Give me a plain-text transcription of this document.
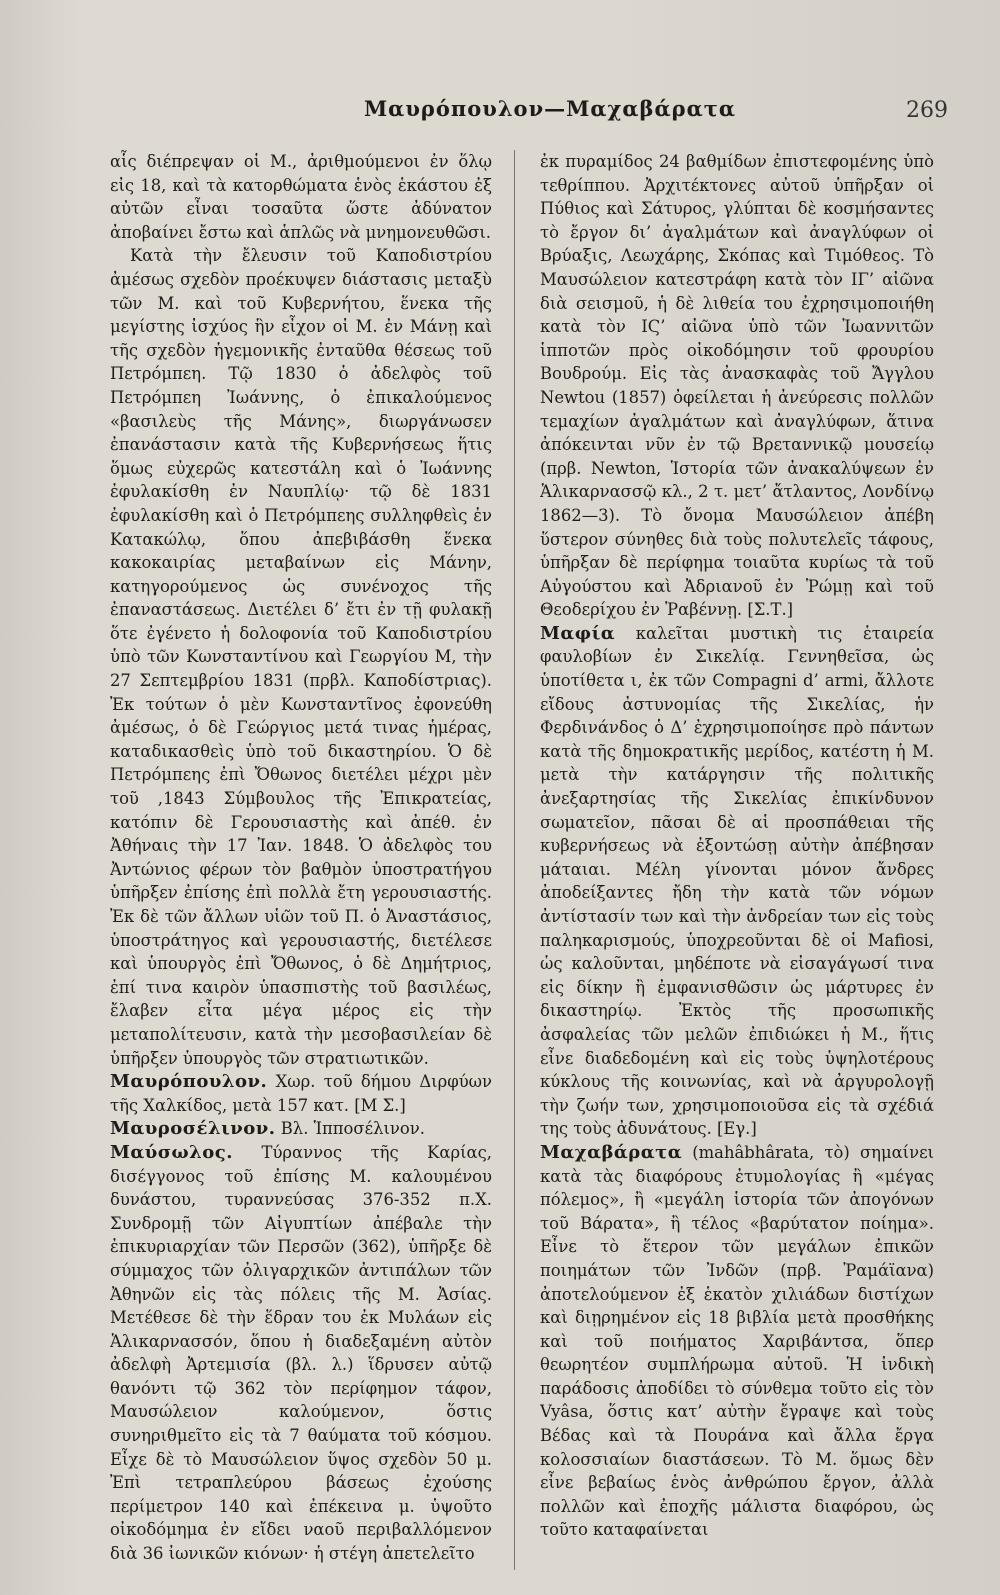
Μαυρόπουλον—Μαχαβάρατα	269

αἷς διέπρεψαν οἱ Μ., ἀριθμούμενοι ἐν ὅλῳ εἰς 18, καὶ τὰ κατορθώματα ἑνὸς ἑκάστου ἐξ αὐτῶν εἶναι τοσαῦτα ὥστε ἀδύνατον ἀποβαίνει ἔστω καὶ ἁπλῶς νὰ μνημονευθῶσι.

Κατὰ τὴν ἔλευσιν τοῦ Καποδιστρίου ἀμέσως σχεδὸν προέκυψεν διάστασις μεταξὺ τῶν Μ. καὶ τοῦ Κυβερνήτου, ἕνεκα τῆς μεγίστης ἰσχύος ἣν εἶχον οἱ Μ. ἐν Μάνῃ καὶ τῆς σχεδὸν ἡγεμονικῆς ἐνταῦθα θέσεως τοῦ Πετρόμπεη. Τῷ 1830 ὁ ἀδελφὸς τοῦ Πετρόμπεη Ἰωάννης, ὁ ἐπικαλούμενος «βασιλεὺς τῆς Μάνης», διωργάνωσεν ἐπανάστασιν κατὰ τῆς Κυβερνήσεως ἥτις ὅμως εὐχερῶς κατεστάλη καὶ ὁ Ἰωάννης ἐφυλακίσθη ἐν Ναυπλίῳ· τῷ δὲ 1831 ἐφυλακίσθη καὶ ὁ Πετρόμπεης συλληφθεὶς ἐν Κατακώλῳ, ὅπου ἀπεβιβάσθη ἕνεκα κακοκαιρίας μεταβαίνων εἰς Μάνην, κατηγορούμενος ὡς συνένοχος τῆς ἐπαναστάσεως. Διετέλει δ’ ἔτι ἐν τῇ φυλακῇ ὅτε ἐγένετο ἡ δολοφονία τοῦ Καποδιστρίου ὑπὸ τῶν Κωνσταντίνου καὶ Γεωργίου Μ, τὴν 27 Σεπτεμβρίου 1831 (πρβλ. Καποδίστριας). Ἐκ τούτων ὁ μὲν Κωνσταντῖνος ἐφονεύθη ἀμέσως, ὁ δὲ Γεώργιος μετά τινας ἡμέρας, καταδικασθεὶς ὑπὸ τοῦ δικαστηρίου. Ὁ δὲ Πετρόμπεης ἐπὶ Ὄθωνος διετέλει μέχρι μὲν τοῦ ,1843 Σύμβουλος τῆς Ἐπικρατείας, κατόπιν δὲ Γερουσιαστὴς καὶ ἀπέθ. ἐν Ἀθήναις τὴν 17 Ἰαν. 1848. Ὁ ἀδελφὸς του Ἀντώνιος φέρων τὸν βαθμὸν ὑποστρατήγου ὑπῆρξεν ἐπίσης ἐπὶ πολλὰ ἔτη γερουσιαστής. Ἐκ δὲ τῶν ἄλλων υἱῶν τοῦ Π. ὁ Ἀναστάσιος, ὑποστράτηγος καὶ γερουσιαστής, διετέλεσε καὶ ὑπουργὸς ἐπὶ Ὄθωνος, ὁ δὲ Δημήτριος, ἐπί τινα καιρὸν ὑπασπιστὴς τοῦ βασιλέως, ἔλαβεν εἶτα μέγα μέρος εἰς τὴν μεταπολίτευσιν, κατὰ τὴν μεσοβασιλείαν δὲ ὑπῆρξεν ὑπουργὸς τῶν στρατιωτικῶν.

Μαυρόπουλον. Χωρ. τοῦ δήμου Διρφύων τῆς Χαλκίδος, μετὰ 157 κατ. [Μ Σ.]

Μαυροσέλινον. Βλ. Ἱπποσέλινον.

Μαύσωλος. Τύραννος τῆς Καρίας, δισέγγονος τοῦ ἐπίσης Μ. καλουμένου δυνάστου, τυραννεύσας 376-352 π.Χ. Συνδρομῇ τῶν Αἰγυπτίων ἀπέβαλε τὴν ἐπικυριαρχίαν τῶν Περσῶν (362), ὑπῆρξε δὲ σύμμαχος τῶν ὀλιγαρχικῶν ἀντιπάλων τῶν Ἀθηνῶν εἰς τὰς πόλεις τῆς Μ. Ἀσίας. Μετέθεσε δὲ τὴν ἕδραν του ἐκ Μυλάων εἰς Ἁλικαρνασσόν, ὅπου ἡ διαδεξαμένη αὐτὸν ἀδελφὴ Ἀρτεμισία (βλ. λ.) ἵδρυσεν αὐτῷ θανόντι τῷ 362 τὸν περίφημον τάφον, Μαυσώλειον καλούμενον, ὅστις συνηριθμεῖτο εἰς τὰ 7 θαύματα τοῦ κόσμου. Εἶχε δὲ τὸ Μαυσώλειον ὕψος σχεδὸν 50 μ. Ἐπὶ τετραπλεύρου βάσεως ἐχούσης περίμετρον 140 καὶ ἐπέκεινα μ. ὑψοῦτο οἰκοδόμημα ἐν εἴδει ναοῦ περιβαλλόμενον διὰ 36 ἰωνικῶν κιόνων· ἡ στέγη ἀπετελεῖτο

ἐκ πυραμίδος 24 βαθμίδων ἐπιστεφομένης ὑπὸ τεθρίππου. Ἀρχιτέκτονες αὐτοῦ ὑπῆρξαν οἱ Πύθιος καὶ Σάτυρος, γλύπται δὲ κοσμήσαντες τὸ ἔργον δι’ ἀγαλμάτων καὶ ἀναγλύφων οἱ Βρύαξις, Λεωχάρης, Σκόπας καὶ Τιμόθεος. Τὸ Μαυσώλειον κατεστράφη κατὰ τὸν ΙΓ’ αἰῶνα διὰ σεισμοῦ, ἡ δὲ λιθεία του ἐχρησιμοποιήθη κατὰ τὸν ΙϚ’ αἰῶνα ὑπὸ τῶν Ἰωαννιτῶν ἱπποτῶν πρὸς οἰκοδόμησιν τοῦ φρουρίου Βουδρούμ. Εἰς τὰς ἀνασκαφὰς τοῦ Ἄγγλου Newtou (1857) ὀφείλεται ἡ ἀνεύρεσις πολλῶν τεμαχίων ἀγαλμάτων καὶ ἀναγλύφων, ἅτινα ἀπόκεινται νῦν ἐν τῷ Βρεταννικῷ μουσείῳ (πρβ. Newton, Ἱστορία τῶν ἀνακαλύψεων ἐν Ἁλικαρνασσῷ κλ., 2 τ. μετ’ ἄτλαντος, Λονδίνῳ 1862—3). Τὸ ὄνομα Μαυσώλειον ἀπέβη ὕστερον σύνηθες διὰ τοὺς πολυτελεῖς τάφους, ὑπῆρξαν δὲ περίφημα τοιαῦτα κυρίως τὰ τοῦ Αὐγούστου καὶ Ἀδριανοῦ ἐν Ῥώμῃ καὶ τοῦ Θεοδερίχου ἐν Ῥαβέννῃ. [Σ.Τ.]

Μαφία καλεῖται μυστικὴ τις ἑταιρεία φαυλοβίων ἐν Σικελίᾳ. Γεννηθεῖσα, ὡς ὑποτίθετα ι, ἐκ τῶν Compagni d’ armi, ἄλλοτε εἴδους ἀστυνομίας τῆς Σικελίας, ἡν Φερδινάνδος ὁ Δ’ ἐχρησιμοποίησε πρὸ πάντων κατὰ τῆς δημοκρατικῆς μερίδος, κατέστη ἡ Μ. μετὰ τὴν κατάργησιν τῆς πολιτικῆς ἀνεξαρτησίας τῆς Σικελίας ἐπικίνδυνον σωματεῖον, πᾶσαι δὲ αἱ προσπάθειαι τῆς κυβερνήσεως νὰ ἐξοντώσῃ αὐτὴν ἀπέβησαν μάταιαι. Μέλη γίνονται μόνον ἄνδρες ἀποδείξαντες ἤδη τὴν κατὰ τῶν νόμων ἀντίστασίν των καὶ τὴν ἀνδρείαν των εἰς τοὺς παληκαρισμούς, ὑποχρεοῦνται δὲ οἱ Mafiosi, ὡς καλοῦνται, μηδέποτε νὰ εἰσαγάγωσί τινα εἰς δίκην ἢ ἐμφανισθῶσιν ὡς μάρτυρες ἐν δικαστηρίῳ. Ἐκτὸς τῆς προσωπικῆς ἀσφαλείας τῶν μελῶν ἐπιδιώκει ἡ Μ., ἥτις εἶνε διαδεδομένη καὶ εἰς τοὺς ὑψηλοτέρους κύκλους τῆς κοινωνίας, καὶ νὰ ἀργυρολογῇ τὴν ζωήν των, χρησιμοποιοῦσα εἰς τὰ σχέδιά της τοὺς ἀδυνάτους. [Εγ.]

Μαχαβάρατα (mahâbhârata, τὸ) σημαίνει κατὰ τὰς διαφόρους ἐτυμολογίας ἢ «μέγας πόλεμος», ἢ «μεγάλη ἱστορία τῶν ἀπογόνων τοῦ Βάρατα», ἢ τέλος «βαρύτατον ποίημα». Εἶνε τὸ ἕτερον τῶν μεγάλων ἐπικῶν ποιημάτων τῶν Ἰνδῶν (πρβ. Ῥαμάϊανα) ἀποτελούμενον ἐξ ἑκατὸν χιλιάδων διστίχων καὶ διῃρημένον εἰς 18 βιβλία μετὰ προσθήκης καὶ τοῦ ποιήματος Χαριβάντσα, ὅπερ θεωρητέον συμπλήρωμα αὐτοῦ. Ἡ ἰνδικὴ παράδοσις ἀποδίδει τὸ σύνθεμα τοῦτο εἰς τὸν Vyâsa, ὅστις κατ’ αὐτὴν ἔγραψε καὶ τοὺς Βέδας καὶ τὰ Πουράνα καὶ ἄλλα ἔργα κολοσσιαίων διαστάσεων. Τὸ Μ. ὅμως δὲν εἶνε βεβαίως ἑνὸς ἀνθρώπου ἔργον, ἀλλὰ πολλῶν καὶ ἐποχῆς μάλιστα διαφόρου, ὡς τοῦτο καταφαίνεται
